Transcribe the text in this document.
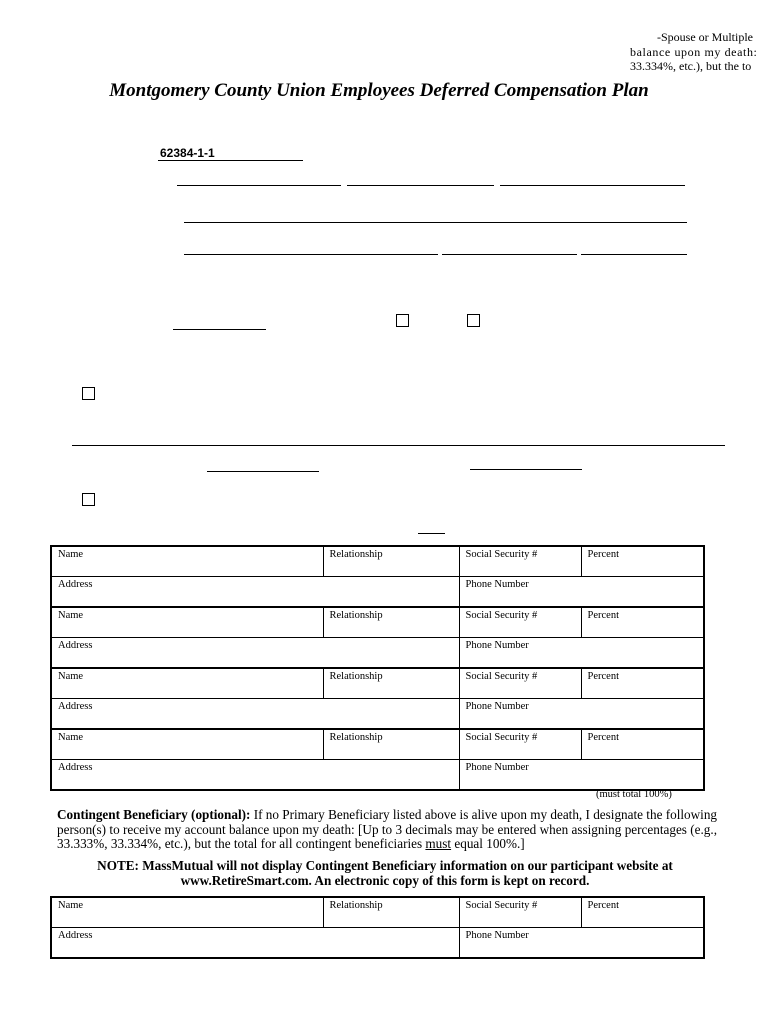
-Spouse or Multiple
balance upon my death:
33.334%, etc.), but the to
Montgomery County Union Employees Deferred Compensation Plan
62384-1-1
Name	Relationship	Social Security #	Percent
Address		Phone Number	
Name	Relationship	Social Security #	Percent
Address		Phone Number	
Name	Relationship	Social Security #	Percent
Address		Phone Number	
Name	Relationship	Social Security #	Percent
Address		Phone Number	
(must total 100%)
Contingent Beneficiary (optional): If no Primary Beneficiary listed above is alive upon my death, I designate the following person(s) to receive my account balance upon my death: [Up to 3 decimals may be entered when assigning percentages (e.g., 33.333%, 33.334%, etc.), but the total for all contingent beneficiaries must equal 100%.]
NOTE: MassMutual will not display Contingent Beneficiary information on our participant website at
www.RetireSmart.com. An electronic copy of this form is kept on record.
Name	Relationship	Social Security #	Percent
Address		Phone Number	
